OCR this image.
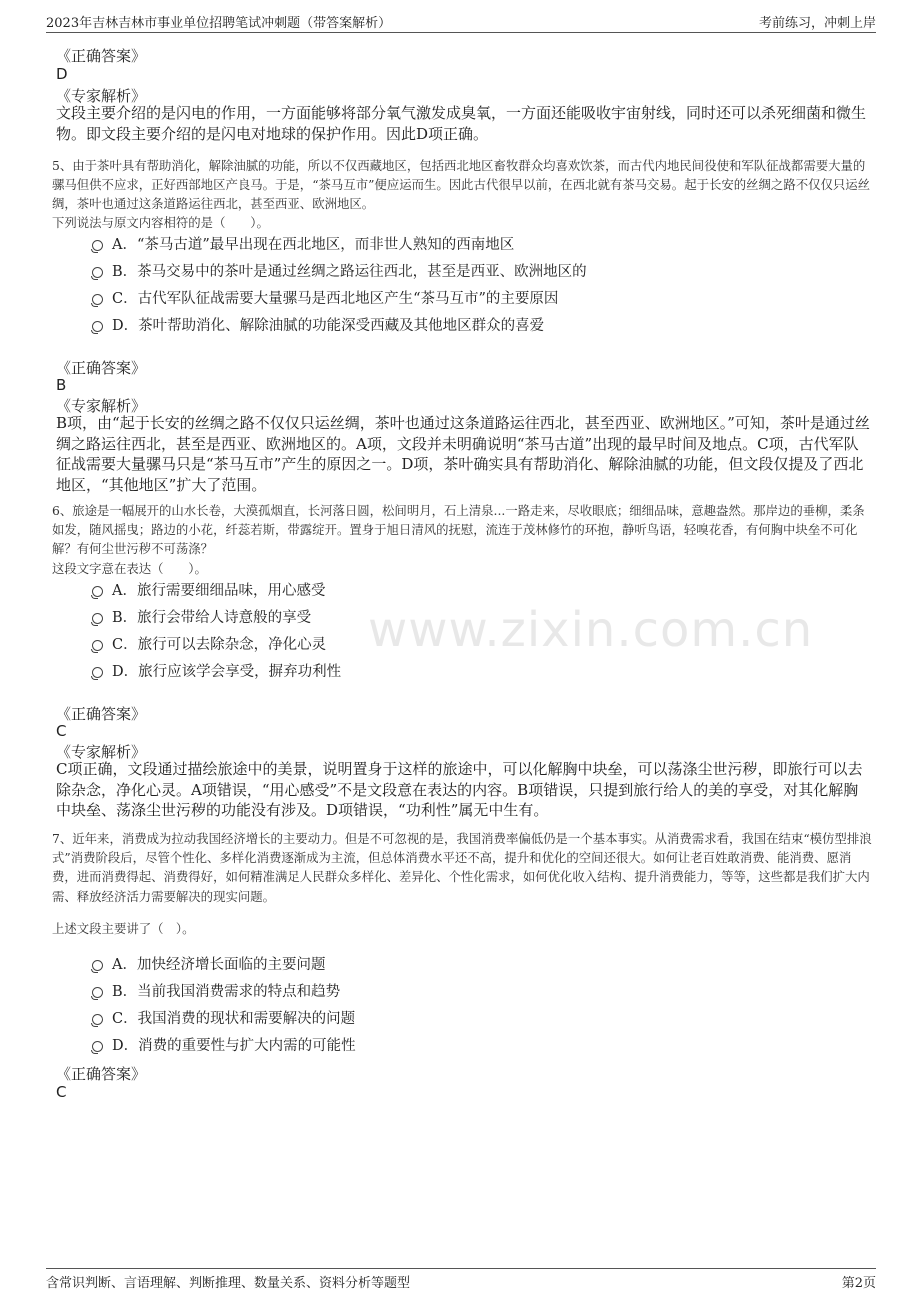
2023年吉林吉林市事业单位招聘笔试冲刺题（带答案解析）	考前练习，冲刺上岸
www.zixin.com.cn
《正确答案》
D
《专家解析》
文段主要介绍的是闪电的作用，一方面能够将部分氧气激发成臭氧，一方面还能吸收宇宙射线，同时还可以杀死细菌和微生物。即文段主要介绍的是闪电对地球的保护作用。因此D项正确。
5、由于茶叶具有帮助消化，解除油腻的功能，所以不仅西藏地区，包括西北地区畜牧群众均喜欢饮茶，而古代内地民间役使和军队征战都需要大量的骡马但供不应求，正好西部地区产良马。于是，“茶马互市”便应运而生。因此古代很早以前，在西北就有茶马交易。起于长安的丝绸之路不仅仅只运丝绸，茶叶也通过这条道路运往西北，甚至西亚、欧洲地区。
下列说法与原文内容相符的是（　　）。
A．“茶马古道”最早出现在西北地区，而非世人熟知的西南地区
B．茶马交易中的茶叶是通过丝绸之路运往西北，甚至是西亚、欧洲地区的
C．古代军队征战需要大量骡马是西北地区产生“茶马互市”的主要原因
D．茶叶帮助消化、解除油腻的功能深受西藏及其他地区群众的喜爱
《正确答案》
B
《专家解析》
B项，由“起于长安的丝绸之路不仅仅只运丝绸，茶叶也通过这条道路运往西北，甚至西亚、欧洲地区。”可知，茶叶是通过丝绸之路运往西北，甚至是西亚、欧洲地区的。A项，文段并未明确说明“茶马古道”出现的最早时间及地点。C项，古代军队征战需要大量骡马只是“茶马互市”产生的原因之一。D项，茶叶确实具有帮助消化、解除油腻的功能，但文段仅提及了西北地区，“其他地区”扩大了范围。
6、旅途是一幅展开的山水长卷，大漠孤烟直，长河落日圆，松间明月，石上清泉...一路走来，尽收眼底；细细品味，意趣盎然。那岸边的垂柳，柔条如发，随风摇曳；路边的小花，纤蕊若斯，带露绽开。置身于旭日清风的抚慰，流连于茂林修竹的环抱，静听鸟语，轻嗅花香，有何胸中块垒不可化解？有何尘世污秽不可荡涤？
这段文字意在表达（　　）。
A．旅行需要细细品味，用心感受
B．旅行会带给人诗意般的享受
C．旅行可以去除杂念，净化心灵
D．旅行应该学会享受，摒弃功利性
《正确答案》
C
《专家解析》
C项正确，文段通过描绘旅途中的美景，说明置身于这样的旅途中，可以化解胸中块垒，可以荡涤尘世污秽，即旅行可以去除杂念，净化心灵。A项错误，“用心感受”不是文段意在表达的内容。B项错误，只提到旅行给人的美的享受，对其化解胸中块垒、荡涤尘世污秽的功能没有涉及。D项错误，“功利性”属无中生有。
7、近年来，消费成为拉动我国经济增长的主要动力。但是不可忽视的是，我国消费率偏低仍是一个基本事实。从消费需求看，我国在结束“模仿型排浪式”消费阶段后，尽管个性化、多样化消费逐渐成为主流，但总体消费水平还不高，提升和优化的空间还很大。如何让老百姓敢消费、能消费、愿消费，进而消费得起、消费得好，如何精准满足人民群众多样化、差异化、个性化需求，如何优化收入结构、提升消费能力，等等，这些都是我们扩大内需、释放经济活力需要解决的现实问题。
上述文段主要讲了（　）。
A．加快经济增长面临的主要问题
B．当前我国消费需求的特点和趋势
C．我国消费的现状和需要解决的问题
D．消费的重要性与扩大内需的可能性
《正确答案》
C
含常识判断、言语理解、判断推理、数量关系、资料分析等题型	第2页
